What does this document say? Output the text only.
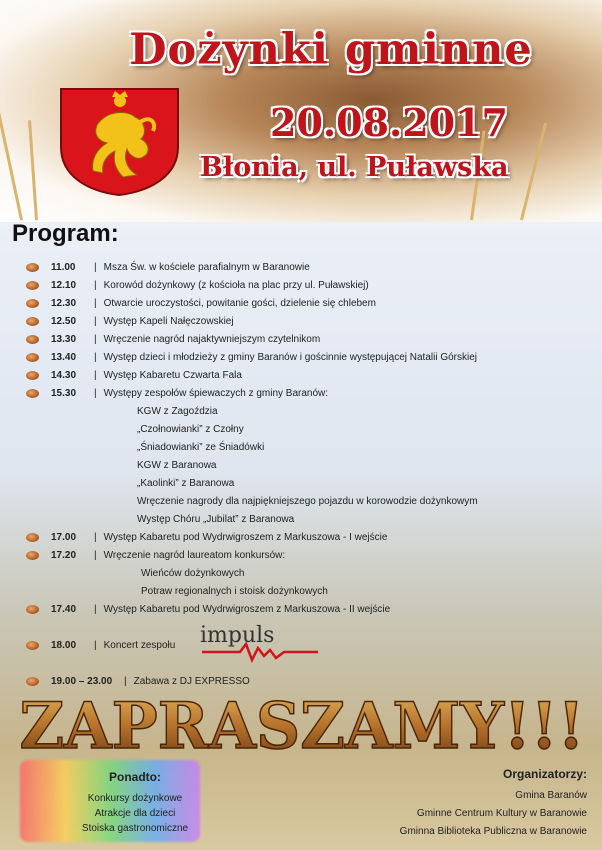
Dożynki gminne
20.08.2017
Błonia, ul. Puławska
Program:
11.00	| Msza Św. w kościele parafialnym w Baranowie
12.10	| Korowód dożynkowy (z kościoła na plac przy ul. Puławskiej)
12.30	| Otwarcie uroczystości, powitanie gości, dzielenie się chlebem
12.50	| Występ Kapeli Nałęczowskiej
13.30	| Wręczenie nagród najaktywniejszym czytelnikom
13.40	| Występ dzieci i młodzieży z gminy Baranów i gościnnie występującej Natalii Górskiej
14.30	| Występ Kabaretu Czwarta Fala
15.30	| Występy zespołów śpiewaczych z gminy Baranów:
KGW z Zagoździa
„Czołnowianki” z Czołny
„Śniadowianki” ze Śniadówki
KGW z Baranowa
„Kaolinki” z Baranowa
Wręczenie nagrody dla najpiękniejszego pojazdu w korowodzie dożynkowym
Występ Chóru „Jubilat” z Baranowa
17.00	| Występ Kabaretu pod Wydrwigroszem z Markuszowa - I wejście
17.20	| Wręczenie nagród laureatom konkursów:
Wieńców dożynkowych
Potraw regionalnych i stoisk dożynkowych
17.40	| Występ Kabaretu pod Wydrwigroszem z Markuszowa - II wejście
18.00	| Koncert zespołu impuls
19.00 – 23.00	| Zabawa z DJ EXPRESSO
ZAPRASZAMY!!!
Ponadto:
Konkursy dożynkowe
Atrakcje dla dzieci
Stoiska gastronomiczne
Organizatorzy:
Gmina Baranów
Gminne Centrum Kultury w Baranowie
Gminna Biblioteka Publiczna w Baranowie
